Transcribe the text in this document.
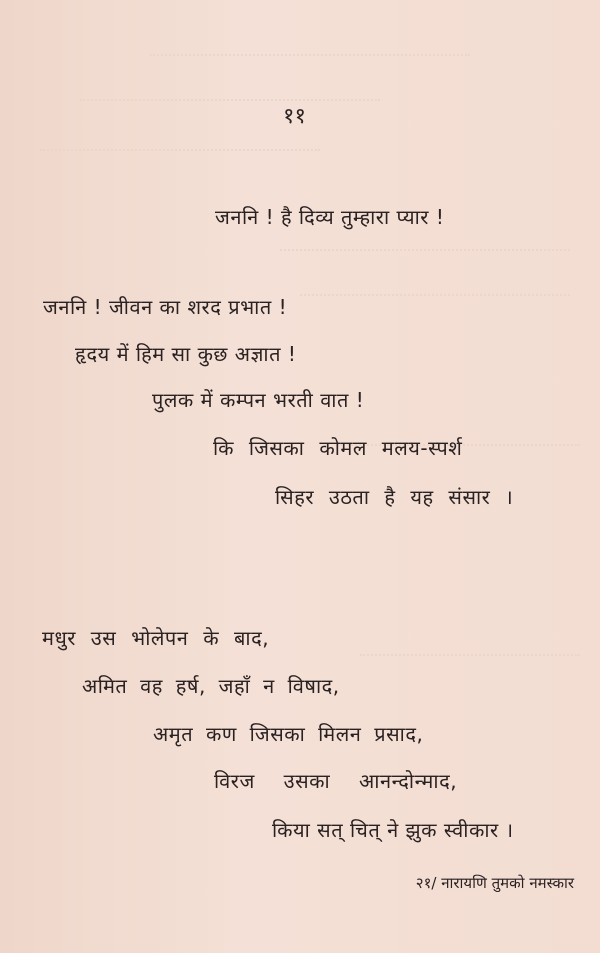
११
जननि ! है दिव्य तुम्हारा प्यार !
जननि ! जीवन का शरद प्रभात !
हृदय में हिम सा कुछ अज्ञात !
पुलक में कम्पन भरती वात !
कि जिसका कोमल मलय-स्पर्श
सिहर उठता है यह संसार ।
मधुर उस भोलेपन के बाद,
अमित वह हर्ष, जहाँ न विषाद,
अमृत कण जिसका मिलन प्रसाद,
विरज उसका आनन्दोन्माद,
किया सत् चित् ने झुक स्वीकार ।
२१/ नारायणि तुमको नमस्कार
